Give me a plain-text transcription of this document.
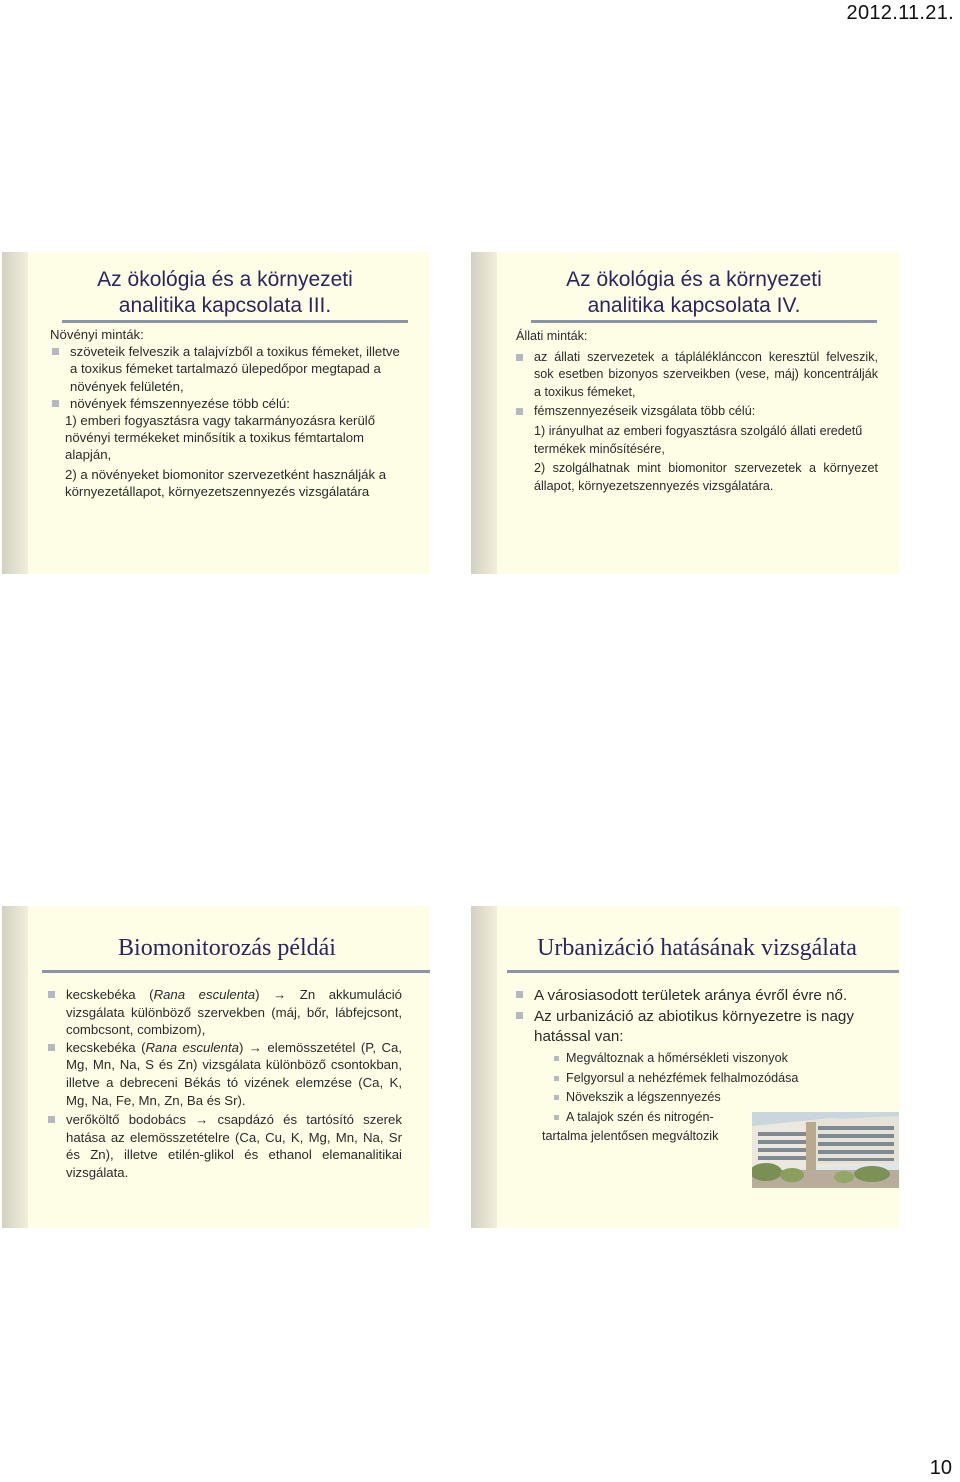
2012.11.21.
Az ökológia és a környezeti
analitika kapcsolata III.

Növényi minták:

szöveteik felveszik a talajvízből a toxikus fémeket, illetve a toxikus fémeket tartalmazó ülepedőpor megtapad a növények felületén,

növények fémszennyezése több célú:

1) emberi fogyasztásra vagy takarmányozásra kerülő növényi termékeket minősítik a toxikus fémtartalom alapján,

2) a növényeket biomonitor szervezetként használják a környezetállapot, környezetszennyezés vizsgálatára

Az ökológia és a környezeti
analitika kapcsolata IV.

Állati minták:

az állati szervezetek a tápláléklánccon keresztül felveszik, sok esetben bizonyos szerveikben (vese, máj) koncentrálják a toxikus fémeket,

fémszennyezéseik vizsgálata több célú:

1) irányulhat az emberi fogyasztásra szolgáló állati eredetű termékek minősítésére,

2) szolgálhatnak mint biomonitor szervezetek a környezet állapot, környezetszennyezés vizsgálatára.

Biomonitorozás példái

kecskebéka (Rana esculenta) → Zn akkumuláció vizsgálata különböző szervekben (máj, bőr, lábfejcsont, combcsont, combizom),

kecskebéka (Rana esculenta) → elemösszetétel (P, Ca, Mg, Mn, Na, S és Zn) vizsgálata különböző csontokban, illetve a debreceni Békás tó vizének elemzése (Ca, K, Mg, Na, Fe, Mn, Zn, Ba és Sr).

verőköltő bodobács → csapdázó és tartósító szerek hatása az elemösszetételre (Ca, Cu, K, Mg, Mn, Na, Sr és Zn), illetve etilén-glikol és ethanol elemanalitikai vizsgálata.

Urbanizáció hatásának vizsgálata

A városiasodott területek aránya évről évre nő.

Az urbanizáció az abiotikus környezetre is nagy hatással van:

Megváltoznak a hőmérsékleti viszonyok

Felgyorsul a nehézfémek felhalmozódása

Növekszik a légszennyezés

A talajok szén és nitrogén-

tartalma jelentősen megváltozik

10
